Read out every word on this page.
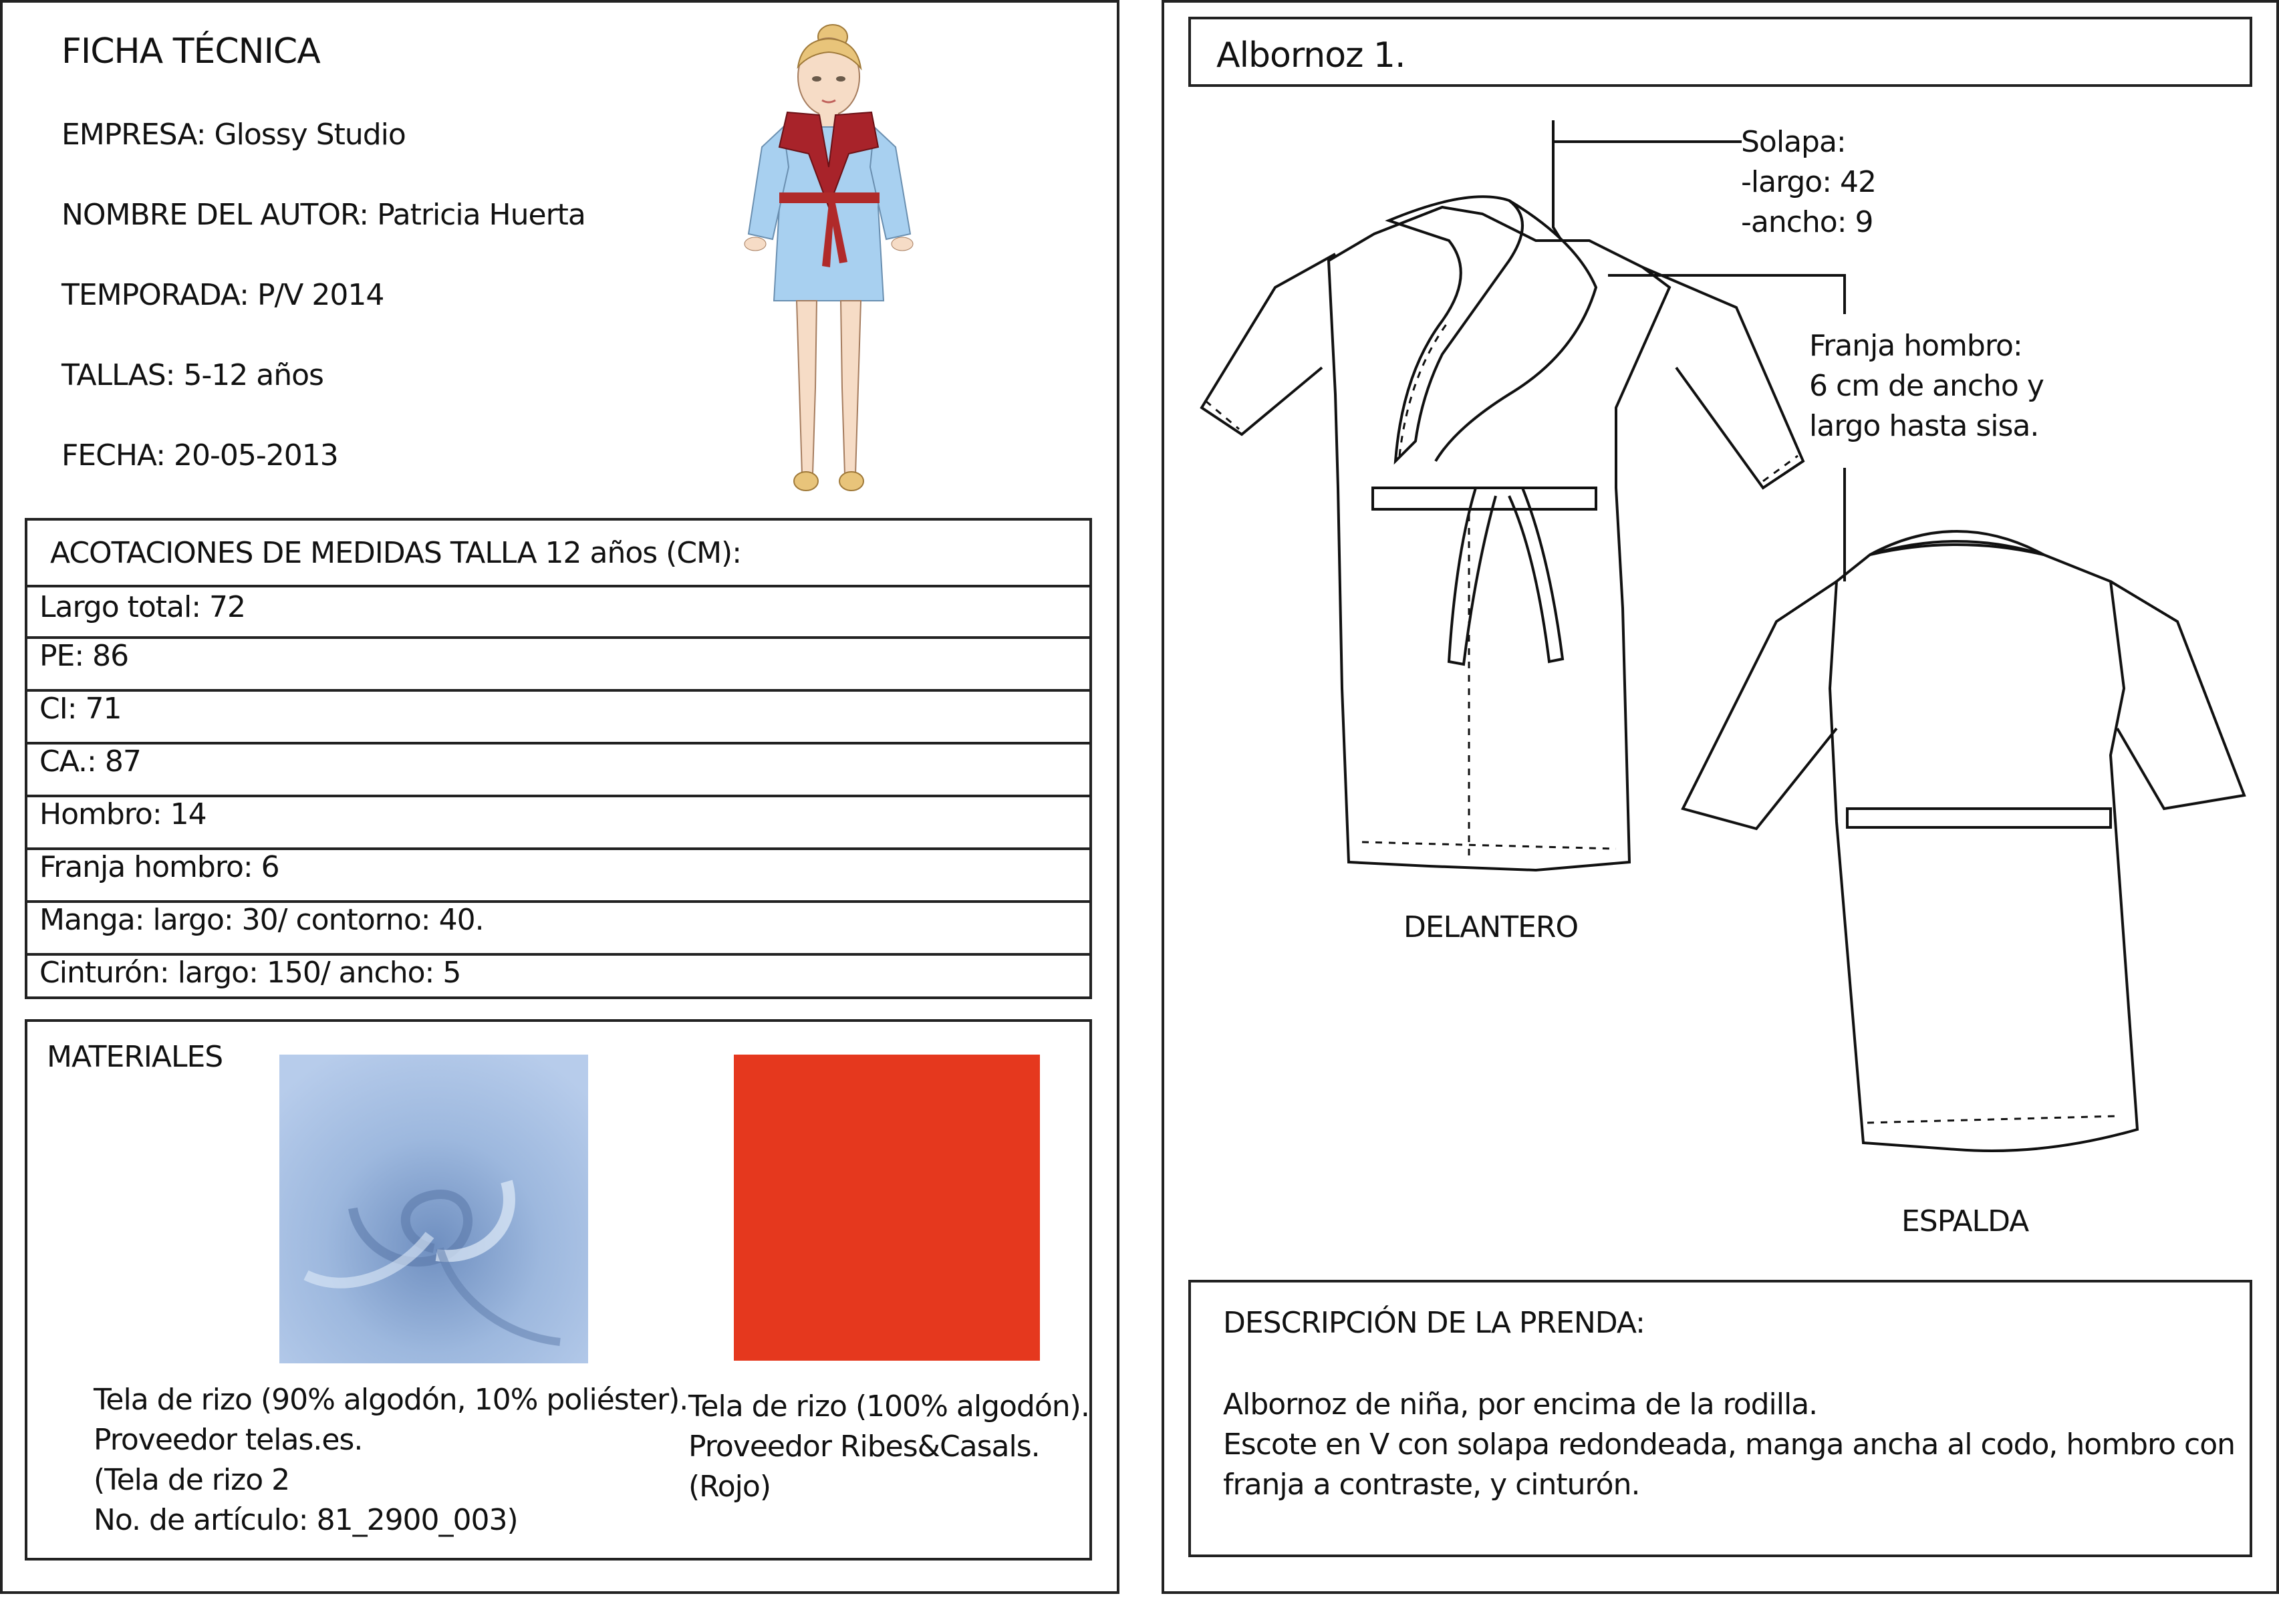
FICHA TÉCNICA
EMPRESA: Glossy Studio
NOMBRE DEL AUTOR: Patricia Huerta
TEMPORADA: P/V 2014
TALLAS: 5-12 años
FECHA: 20-05-2013
ACOTACIONES DE MEDIDAS TALLA 12 años (CM):
Largo total: 72
PE: 86
CI: 71
CA.: 87
Hombro: 14
Franja hombro: 6
Manga: largo: 30/ contorno: 40.
Cinturón: largo: 150/ ancho: 5
MATERIALES
Tela de rizo (90% algodón, 10% poliéster).
Proveedor telas.es.
(Tela de rizo 2
No. de artículo: 81_2900_003)
Tela de rizo (100% algodón).
Proveedor Ribes&Casals.
(Rojo)
Albornoz 1.
Solapa:
-largo: 42
-ancho: 9
Franja hombro:
6 cm de ancho y
largo hasta sisa.
DELANTERO
ESPALDA
DESCRIPCIÓN DE LA PRENDA:
Albornoz de niña, por encima de la rodilla.
Escote en V con solapa redondeada, manga ancha al codo, hombro con
franja a contraste, y cinturón.
